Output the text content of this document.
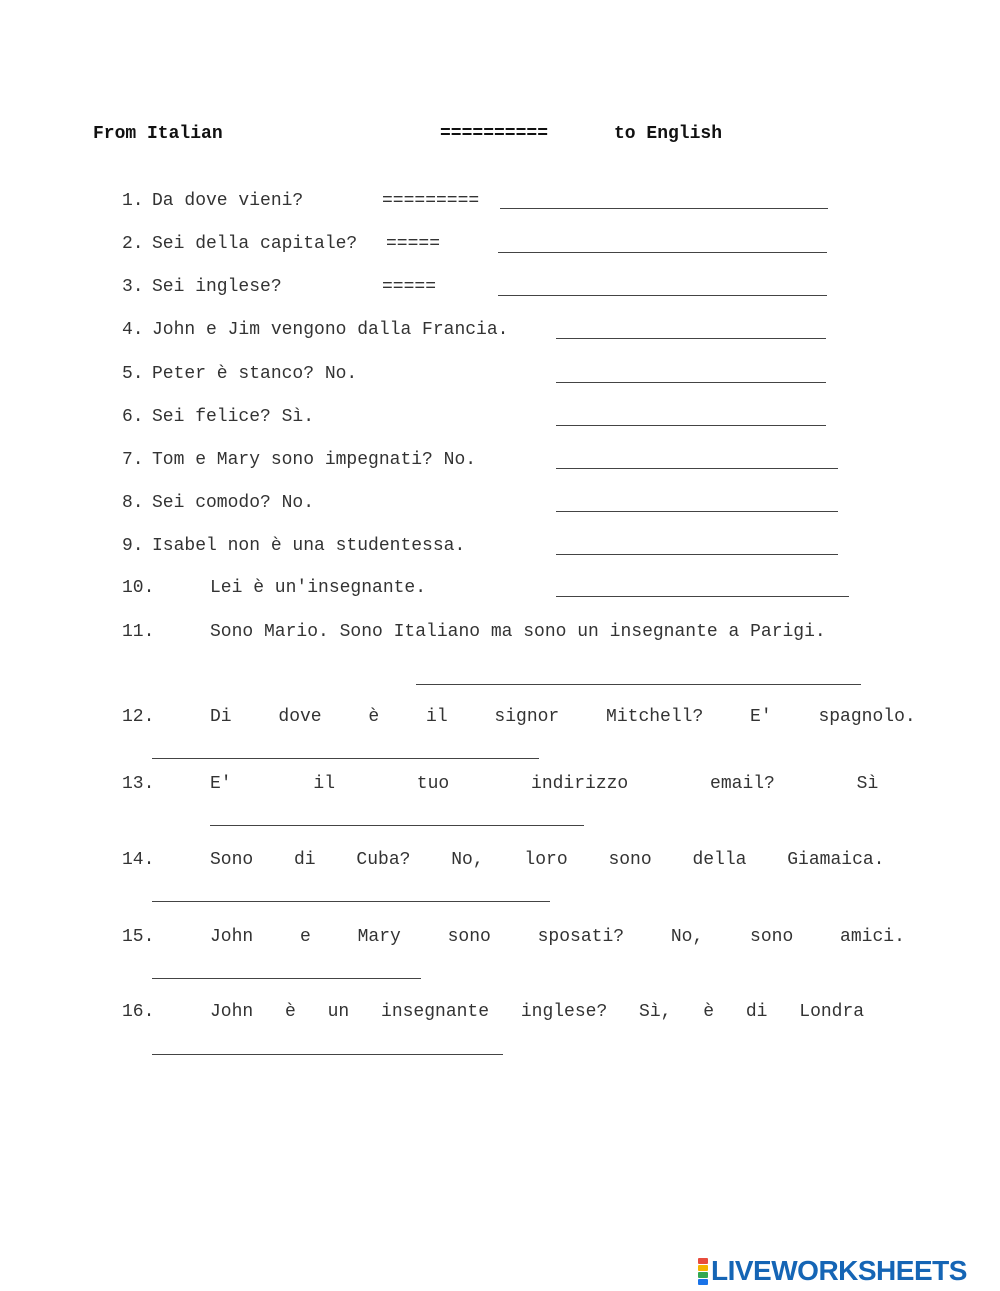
From Italian	==========	to English
1. Da dove vieni?	=========
2. Sei della capitale? =====
3. Sei inglese?	=====
4. John e Jim vengono dalla Francia.
5. Peter è stanco? No.
6. Sei felice? Sì.
7. Tom e Mary sono impegnati? No.
8. Sei comodo? No.
9. Isabel non è una studentessa.
10.	Lei è un'insegnante.
11.	Sono Mario. Sono Italiano ma sono un insegnante a Parigi.
12.	Di dove è il signor Mitchell? E' spagnolo.
13.	E' il tuo indirizzo email? Sì
14.	Sono di Cuba? No, loro sono della Giamaica.
15.	John e Mary sono sposati? No, sono amici.
16.	John è un insegnante inglese? Sì, è di Londra
LIVEWORKSHEETS
